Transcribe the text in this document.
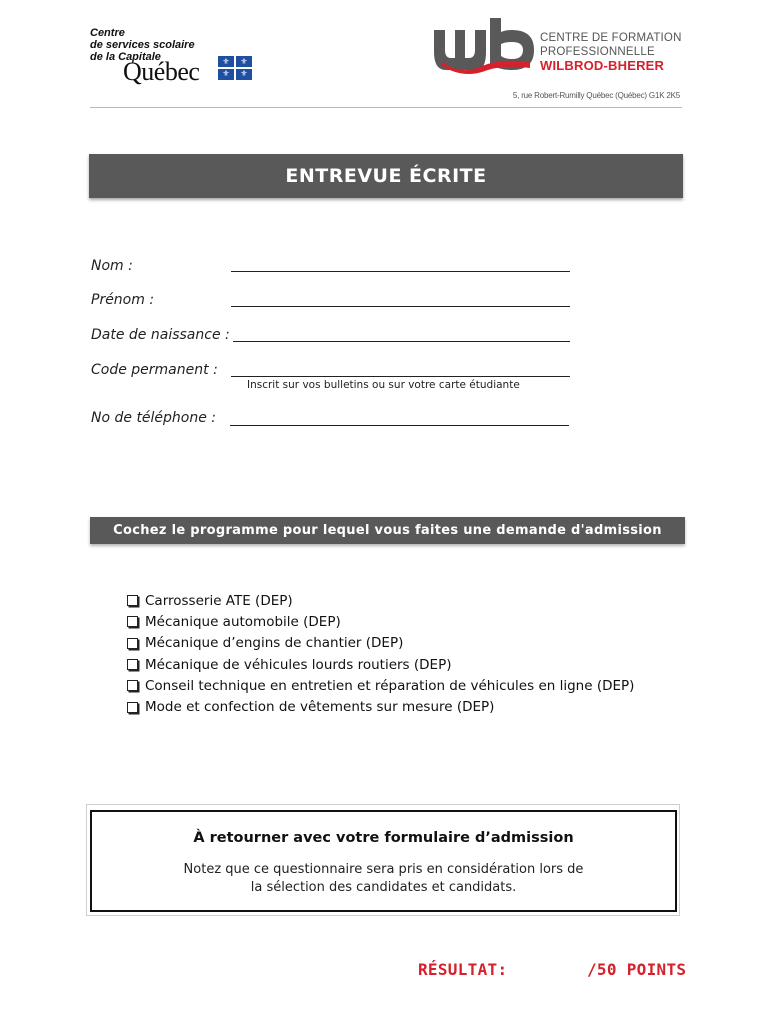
Centre
de services scolaire
de la Capitale
Québec	⚜ ⚜
⚜ ⚜
CENTRE DE FORMATION
PROFESSIONNELLE
WILBROD-BHERER
5, rue Robert-Rumilly Québec (Québec) G1K 2K5
ENTREVUE ÉCRITE
Nom :
Prénom :
Date de naissance :
Code permanent :
Inscrit sur vos bulletins ou sur votre carte étudiante
No de téléphone :
Cochez le programme pour lequel vous faites une demande d'admission
Carrosserie ATE (DEP)
Mécanique automobile (DEP)
Mécanique d’engins de chantier (DEP)
Mécanique de véhicules lourds routiers (DEP)
Conseil technique en entretien et réparation de véhicules en ligne (DEP)
Mode et confection de vêtements sur mesure (DEP)
À retourner avec votre formulaire d’admission
Notez que ce questionnaire sera pris en considération lors de
la sélection des candidates et candidats.
RÉSULTAT:	/50 POINTS
